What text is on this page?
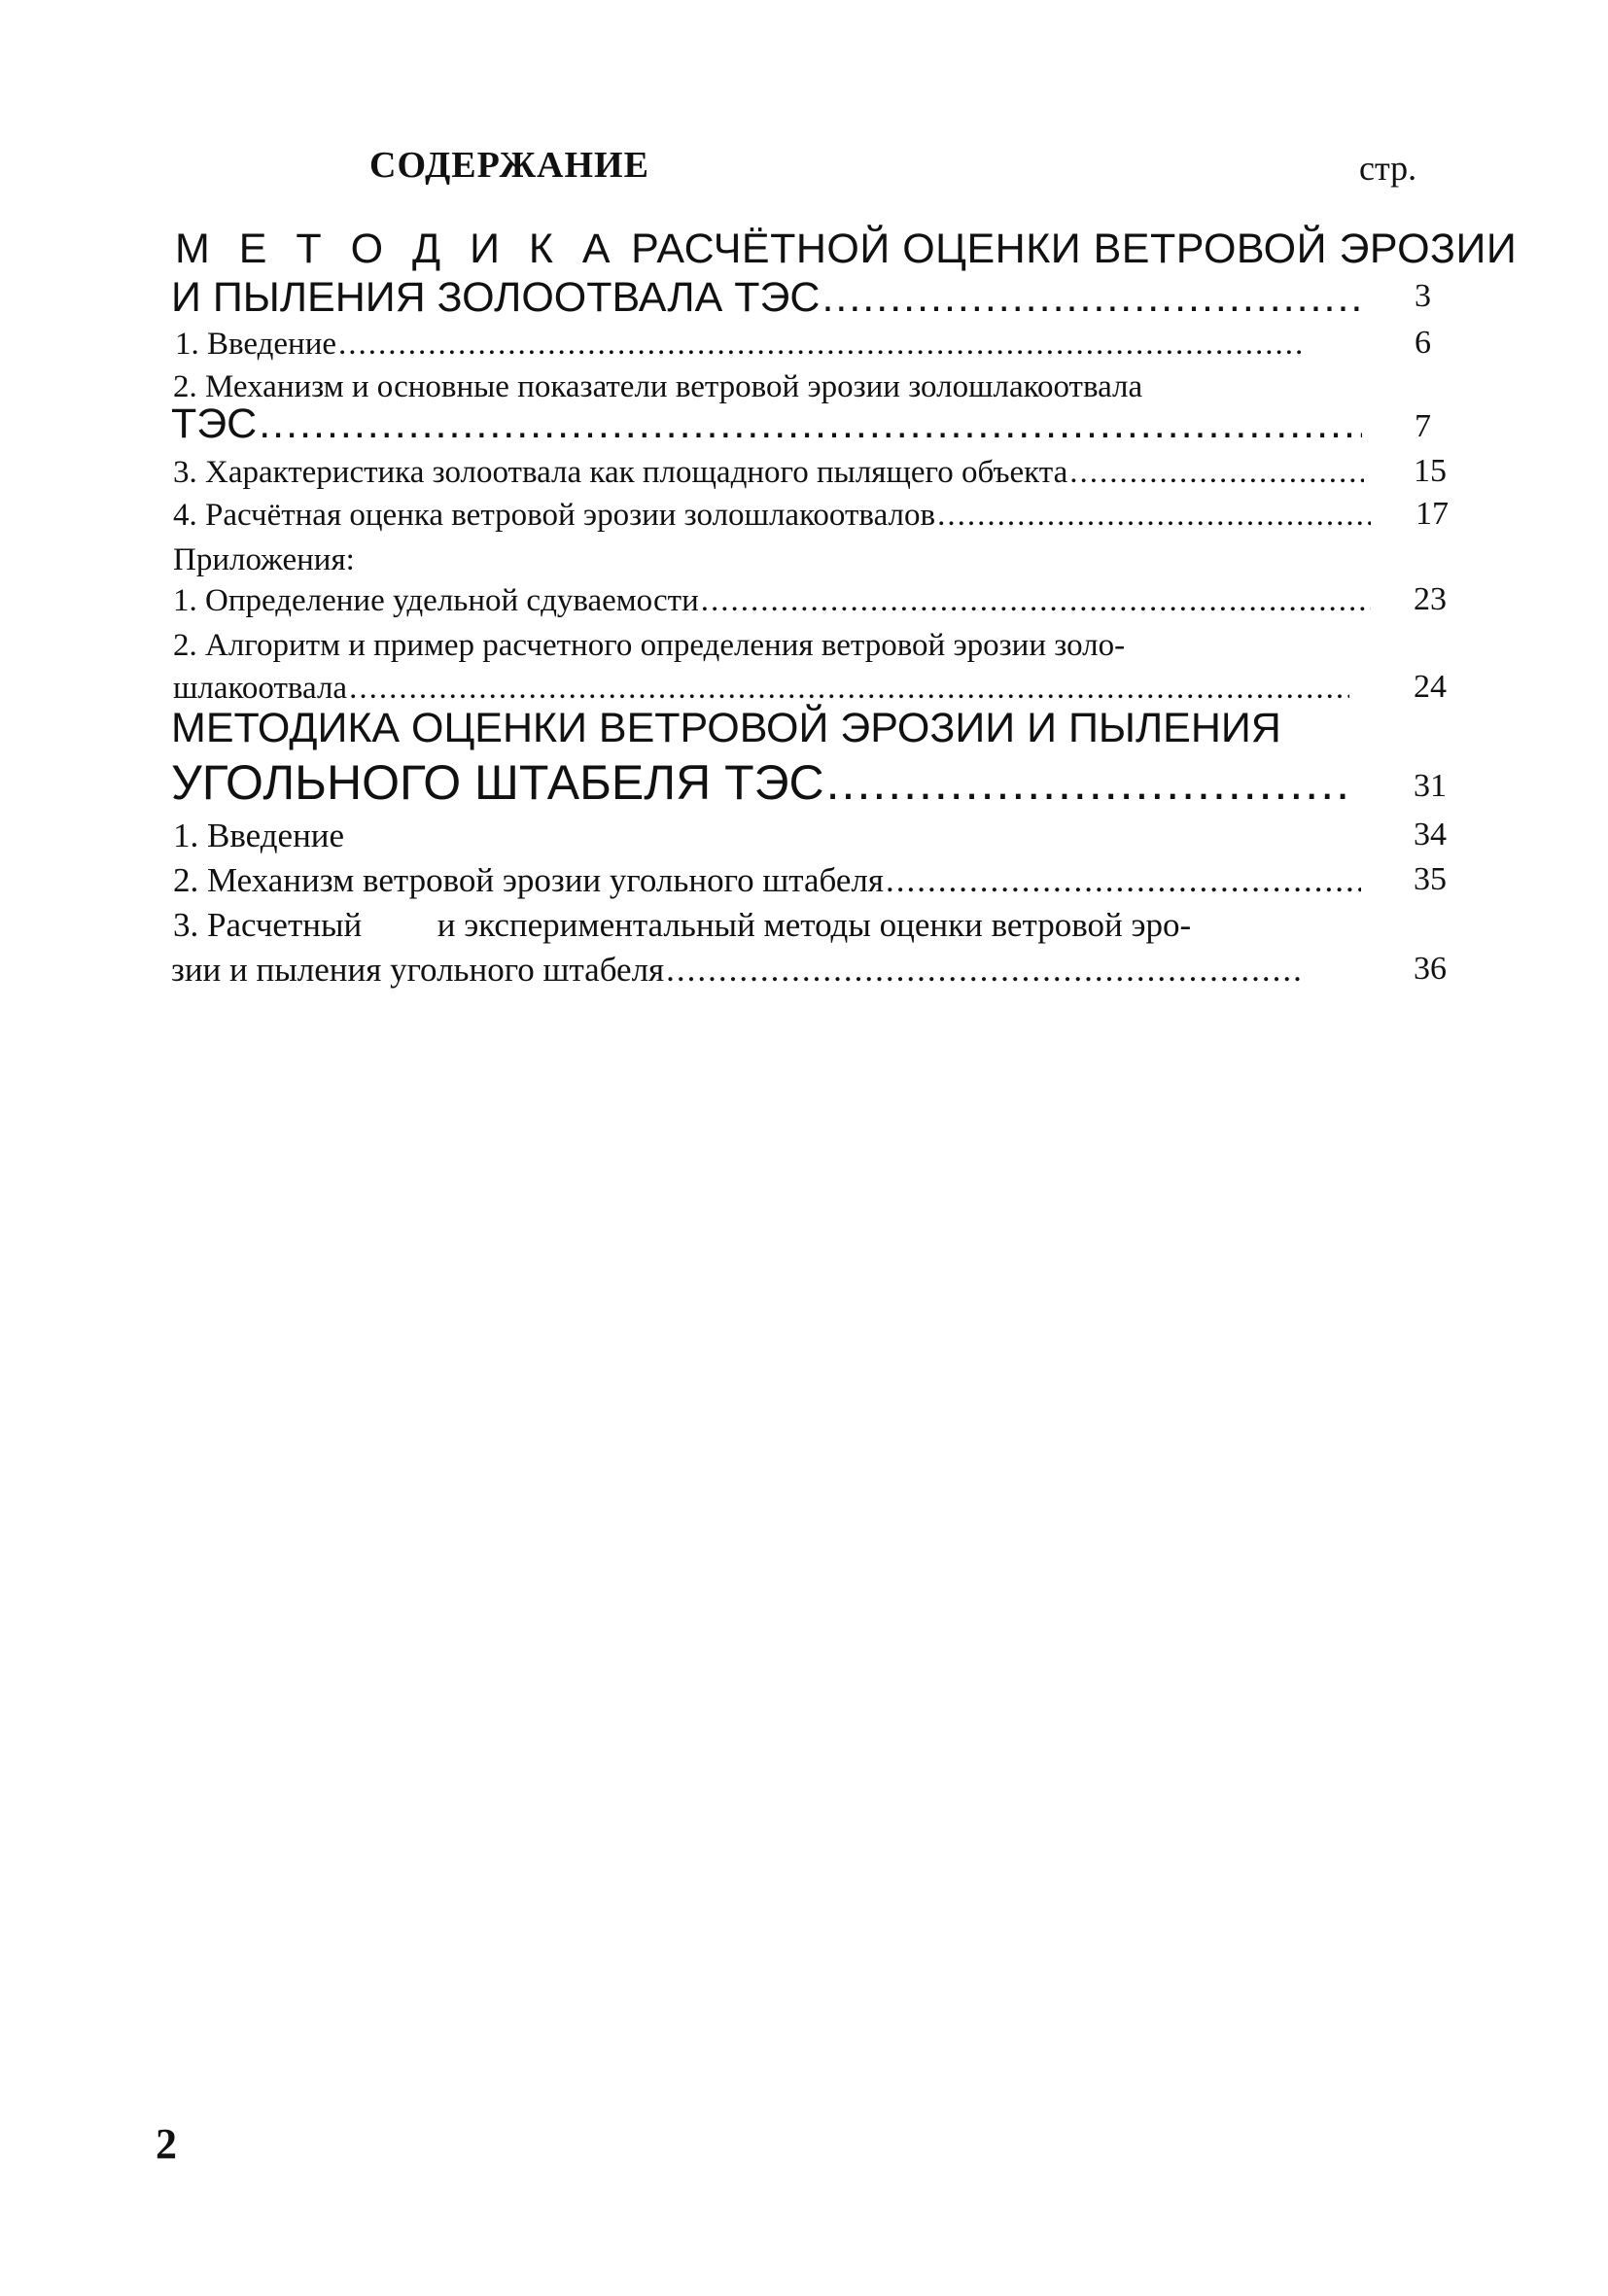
СОДЕРЖАНИЕ	стр.
М Е Т О Д И К А РАСЧЁТНОЙ ОЦЕНКИ ВЕТРОВОЙ ЭРОЗИИ
И ПЫЛЕНИЯ ЗОЛООТВАЛА ТЭС .....	3
1. Введение .....	6
2. Механизм и основные показатели ветровой эрозии золошлакоотвала
ТЭС .....	7
3. Характеристика золоотвала как площадного пылящего объекта .....	15
4. Расчётная оценка ветровой эрозии золошлакоотвалов .....	17
Приложения:
1. Определение удельной сдуваемости .....	23
2. Алгоритм и пример расчетного определения ветровой эрозии золо-
шлакоотвала .....	24
МЕТОДИКА ОЦЕНКИ ВЕТРОВОЙ ЭРОЗИИ И ПЫЛЕНИЯ
УГОЛЬНОГО ШТАБЕЛЯ ТЭС .....	31
1. Введение	34
2. Механизм ветровой эрозии угольного штабеля .....	35
3. Расчетный и экспериментальный методы оценки ветровой эро-
зии и пыления угольного штабеля .....	36
2
